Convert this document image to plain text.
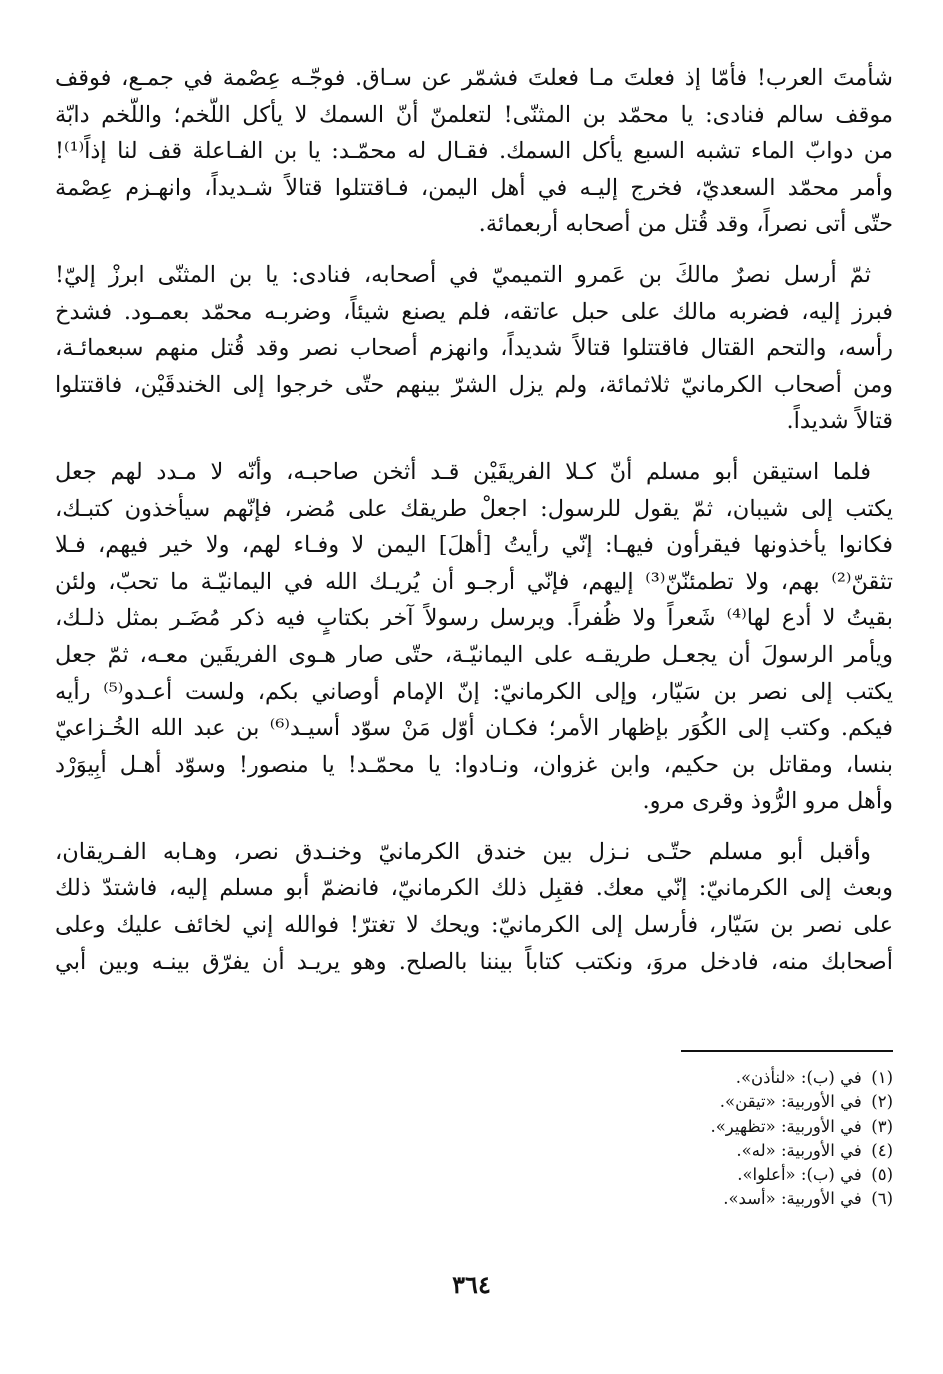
شأمتَ العرب! فأمّا إذ فعلتَ مـا فعلتَ فشمّر عن سـاق. فوجّـه عِصْمة في جمـع، فوقف
موقف سالم فنادى: يا محمّد بن المثنّى! لتعلمنّ أنّ السمك لا يأكل اللُّخم؛ واللُّخم دابّة
من دوابّ الماء تشبه السبع يأكل السمك. فقـال له محمّـد: يا بن الفـاعلة قف لنا إذاً⁽¹⁾!
وأمر محمّد السعديّ، فخرج إليـه في أهل اليمن، فـاقتتلوا قتالاً شـديداً، وانهـزم عِصْمة
حتّى أتى نصراً، وقد قُتل من أصحابه أربعمائة.
ثمّ أرسل نصرٌ مالكَ بن عَمرو التميميّ في أصحابه، فنادى: يا بن المثنّى ابرزْ إليّ!
فبرز إليه، فضربه مالك على حبل عاتقه، فلم يصنع شيئاً، وضربـه محمّد بعمـود. فشدخ
رأسه، والتحم القتال فاقتتلوا قتالاً شديداً، وانهزم أصحاب نصر وقد قُتل منهم سبعمائـة،
ومن أصحاب الكرمانيّ ثلاثمائة، ولم يزل الشرّ بينهم حتّى خرجوا إلى الخندقَيْن، فاقتتلوا
قتالاً شديداً.
فلما استيقن أبو مسلم أنّ كـلا الفريقَيْن قـد أثخن صاحبـه، وأنّه لا مـدد لهم جعل
يكتب إلى شيبان، ثمّ يقول للرسول: اجعلْ طريقك على مُضر، فإنّهم سيأخذون كتبـك،
فكانوا يأخذونها فيقرأون فيهـا: إنّي رأيتُ [أهلَ] اليمن لا وفـاء لهم، ولا خير فيهم، فـلا
تثقنّ⁽²⁾ بهم، ولا تطمئنّنّ⁽³⁾ إليهم، فإنّي أرجـو أن يُريـك الله في اليمانيّـة ما تحبّ، ولئن
بقيتُ لا أدع لها⁽⁴⁾ شَعراً ولا ظُفراً. ويرسل رسولاً آخر بكتابٍ فيه ذكر مُضَـر بمثل ذلـك،
ويأمر الرسولَ أن يجعـل طريقـه على اليمانيّـة، حتّى صار هـوى الفريقَين معـه، ثمّ جعل
يكتب إلى نصر بن سَيّار، وإلى الكرمانيّ: إنّ الإمام أوصاني بكم، ولست أعـدو⁽⁵⁾ رأيه
فيكم. وكتب إلى الكُوَر بإظهار الأمر؛ فكـان أوّل مَنْ سوّد أسيـد⁽⁶⁾ بن عبد الله الخُـزاعيّ
بنسا، ومقاتل بن حكيم، وابن غزوان، ونـادوا: يا محمّـد! يا منصور! وسوّد أهـل أبِيوَرْد
وأهل مرو الرُّوذ وقرى مرو.
وأقبل أبو مسلم حتّـى نـزل بين خندق الكرمانيّ وخنـدق نصر، وهـابه الفـريقان،
وبعث إلى الكرمانيّ: إنّي معك. فقبِل ذلك الكرمانيّ، فانضمّ أبو مسلم إليه، فاشتدّ ذلك
على نصر بن سَيّار، فأرسل إلى الكرمانيّ: ويحك لا تغترّ! فوالله إني لخائف عليك وعلى
أصحابك منه، فادخل مروَ، ونكتب كتاباً بيننا بالصلح. وهو يريـد أن يفرّق بينـه وبين أبي
(١) في (ب): «لنأذن».
(٢) في الأوربية: «تيقن».
(٣) في الأوربية: «تظهير».
(٤) في الأوربية: «له».
(٥) في (ب): «أعلوا».
(٦) في الأوربية: «أسد».
٣٦٤
